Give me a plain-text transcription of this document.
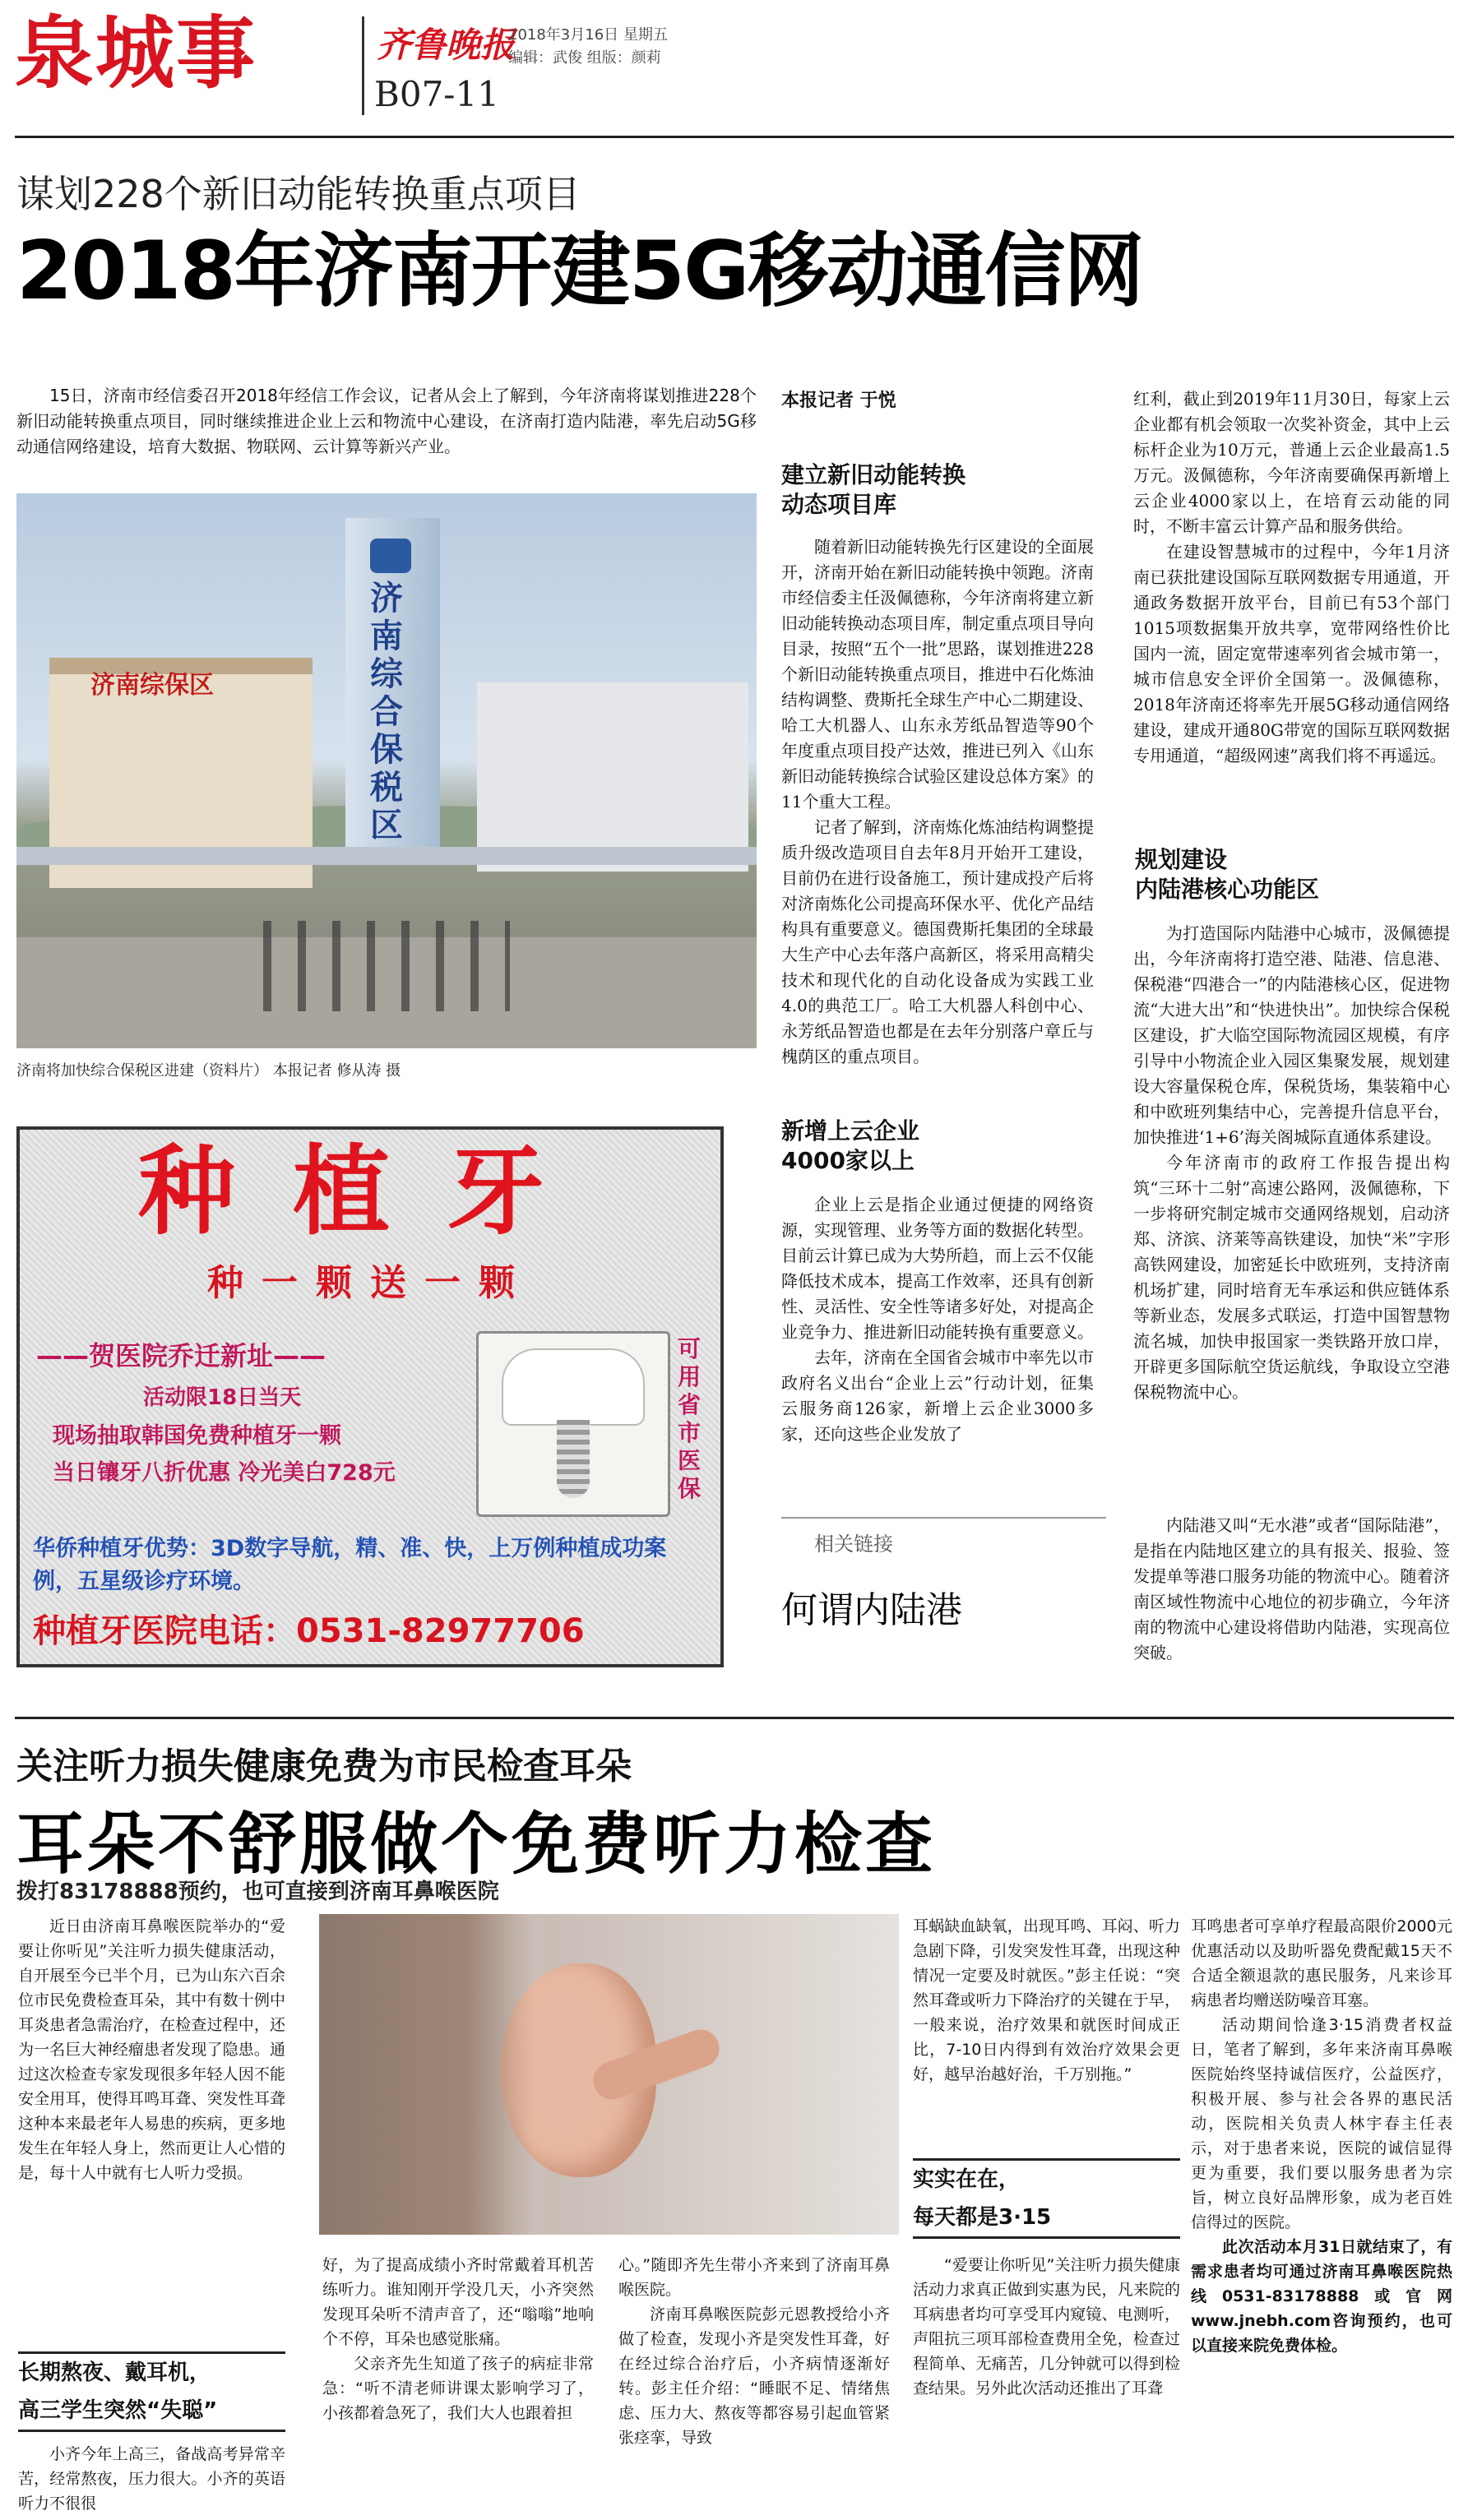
泉城事	齐鲁晚报
2018年3月16日 星期五
编辑：武俊 组版：颜莉
B07-11
谋划228个新旧动能转换重点项目
2018年济南开建5G移动通信网

15日，济南市经信委召开2018年经信工作会议，记者从会上了解到，今年济南将谋划推进228个新旧动能转换重点项目，同时继续推进企业上云和物流中心建设，在济南打造内陆港，率先启动5G移动通信网络建设，培育大数据、物联网、云计算等新兴产业。

济南综保区
济南综合保税区
济南将加快综合保税区进建（资料片） 本报记者 修从涛 摄
本报记者 于悦
建立新旧动能转换
动态项目库

随着新旧动能转换先行区建设的全面展开，济南开始在新旧动能转换中领跑。济南市经信委主任汲佩德称，今年济南将建立新旧动能转换动态项目库，制定重点项目导向目录，按照“五个一批”思路，谋划推进228个新旧动能转换重点项目，推进中石化炼油结构调整、费斯托全球生产中心二期建设、哈工大机器人、山东永芳纸品智造等90个年度重点项目投产达效，推进已列入《山东新旧动能转换综合试验区建设总体方案》的11个重大工程。

记者了解到，济南炼化炼油结构调整提质升级改造项目自去年8月开始开工建设，目前仍在进行设备施工，预计建成投产后将对济南炼化公司提高环保水平、优化产品结构具有重要意义。德国费斯托集团的全球最大生产中心去年落户高新区，将采用高精尖技术和现代化的自动化设备成为实践工业4.0的典范工厂。哈工大机器人科创中心、永芳纸品智造也都是在去年分别落户章丘与槐荫区的重点项目。

新增上云企业
4000家以上

企业上云是指企业通过便捷的网络资源，实现管理、业务等方面的数据化转型。目前云计算已成为大势所趋，而上云不仅能降低技术成本，提高工作效率，还具有创新性、灵活性、安全性等诸多好处，对提高企业竞争力、推进新旧动能转换有重要意义。

去年，济南在全国省会城市中率先以市政府名义出台“企业上云”行动计划，征集云服务商126家，新增上云企业3000多家，还向这些企业发放了

红利，截止到2019年11月30日，每家上云企业都有机会领取一次奖补资金，其中上云标杆企业为10万元，普通上云企业最高1.5万元。汲佩德称，今年济南要确保再新增上云企业4000家以上，在培育云动能的同时，不断丰富云计算产品和服务供给。

在建设智慧城市的过程中，今年1月济南已获批建设国际互联网数据专用通道，开通政务数据开放平台，目前已有53个部门1015项数据集开放共享，宽带网络性价比国内一流，固定宽带速率列省会城市第一，城市信息安全评价全国第一。汲佩德称，2018年济南还将率先开展5G移动通信网络建设，建成开通80G带宽的国际互联网数据专用通道，“超级网速”离我们将不再遥远。

规划建设
内陆港核心功能区

为打造国际内陆港中心城市，汲佩德提出，今年济南将打造空港、陆港、信息港、保税港“四港合一”的内陆港核心区，促进物流“大进大出”和“快进快出”。加快综合保税区建设，扩大临空国际物流园区规模，有序引导中小物流企业入园区集聚发展，规划建设大容量保税仓库，保税货场，集装箱中心和中欧班列集结中心，完善提升信息平台，加快推进‘1+6’海关阁城际直通体系建设。

今年济南市的政府工作报告提出构筑“三环十二射”高速公路网，汲佩德称，下一步将研究制定城市交通网络规划，启动济郑、济滨、济莱等高铁建设，加快“米”字形高铁网建设，加密延长中欧班列，支持济南机场扩建，同时培育无车承运和供应链体系等新业态，发展多式联运，打造中国智慧物流名城，加快申报国家一类铁路开放口岸，开辟更多国际航空货运航线，争取设立空港保税物流中心。

相关链接
何谓内陆港

内陆港又叫“无水港”或者“国际陆港”，是指在内陆地区建立的具有报关、报验、签发提单等港口服务功能的物流中心。随着济南区域性物流中心地位的初步确立，今年济南的物流中心建设将借助内陆港，实现高位突破。

种植牙
种一颗送一颗
——贺医院乔迁新址——
活动限18日当天
现场抽取韩国免费种植牙一颗
当日镶牙八折优惠 冷光美白728元
可用省市医保
华侨种植牙优势：3D数字导航，精、准、快，上万例种植成功案例，五星级诊疗环境。
种植牙医院电话：0531-82977706
关注听力损失健康免费为市民检查耳朵
耳朵不舒服做个免费听力检查
拨打83178888预约，也可直接到济南耳鼻喉医院

近日由济南耳鼻喉医院举办的“爱要让你听见”关注听力损失健康活动，自开展至今已半个月，已为山东六百余位市民免费检查耳朵，其中有数十例中耳炎患者急需治疗，在检查过程中，还为一名巨大神经瘤患者发现了隐患。通过这次检查专家发现很多年轻人因不能安全用耳，使得耳鸣耳聋、突发性耳聋这种本来最老年人易患的疾病，更多地发生在年轻人身上，然而更让人心惜的是，每十人中就有七人听力受损。

长期熬夜、戴耳机，
高三学生突然“失聪”

小齐今年上高三，备战高考异常辛苦，经常熬夜，压力很大。小齐的英语听力不很很

好，为了提高成绩小齐时常戴着耳机苦练听力。谁知刚开学没几天，小齐突然发现耳朵听不清声音了，还“嗡嗡”地响个不停，耳朵也感觉胀痛。

父亲齐先生知道了孩子的病症非常急：“听不清老师讲课太影响学习了，小孩都着急死了，我们大人也跟着担

心。”随即齐先生带小齐来到了济南耳鼻喉医院。

济南耳鼻喉医院彭元恩教授给小齐做了检查，发现小齐是突发性耳聋，好在经过综合治疗后，小齐病情逐渐好转。彭主任介绍：“睡眠不足、情绪焦虑、压力大、熬夜等都容易引起血管紧张痉挛，导致

耳蜗缺血缺氧，出现耳鸣、耳闷、听力急剧下降，引发突发性耳聋，出现这种情况一定要及时就医。”彭主任说：“突然耳聋或听力下降治疗的关键在于早，一般来说，治疗效果和就医时间成正比，7-10日内得到有效治疗效果会更好，越早治越好治，千万别拖。”

实实在在，
每天都是3·15

“爱要让你听见”关注听力损失健康活动力求真正做到实惠为民，凡来院的耳病患者均可享受耳内窥镜、电测听，声阻抗三项耳部检查费用全免，检查过程简单、无痛苦，几分钟就可以得到检查结果。另外此次活动还推出了耳聋

耳鸣患者可享单疗程最高限价2000元优惠活动以及助听器免费配戴15天不合适全额退款的惠民服务，凡来诊耳病患者均赠送防噪音耳塞。

活动期间恰逢3·15消费者权益日，笔者了解到，多年来济南耳鼻喉医院始终坚持诚信医疗，公益医疗，积极开展、参与社会各界的惠民活动，医院相关负责人林宇春主任表示，对于患者来说，医院的诚信显得更为重要，我们要以服务患者为宗旨，树立良好品牌形象，成为老百姓信得过的医院。

此次活动本月31日就结束了，有需求患者均可通过济南耳鼻喉医院热线0531-83178888或官网www.jnebh.com咨询预约，也可以直接来院免费体检。
